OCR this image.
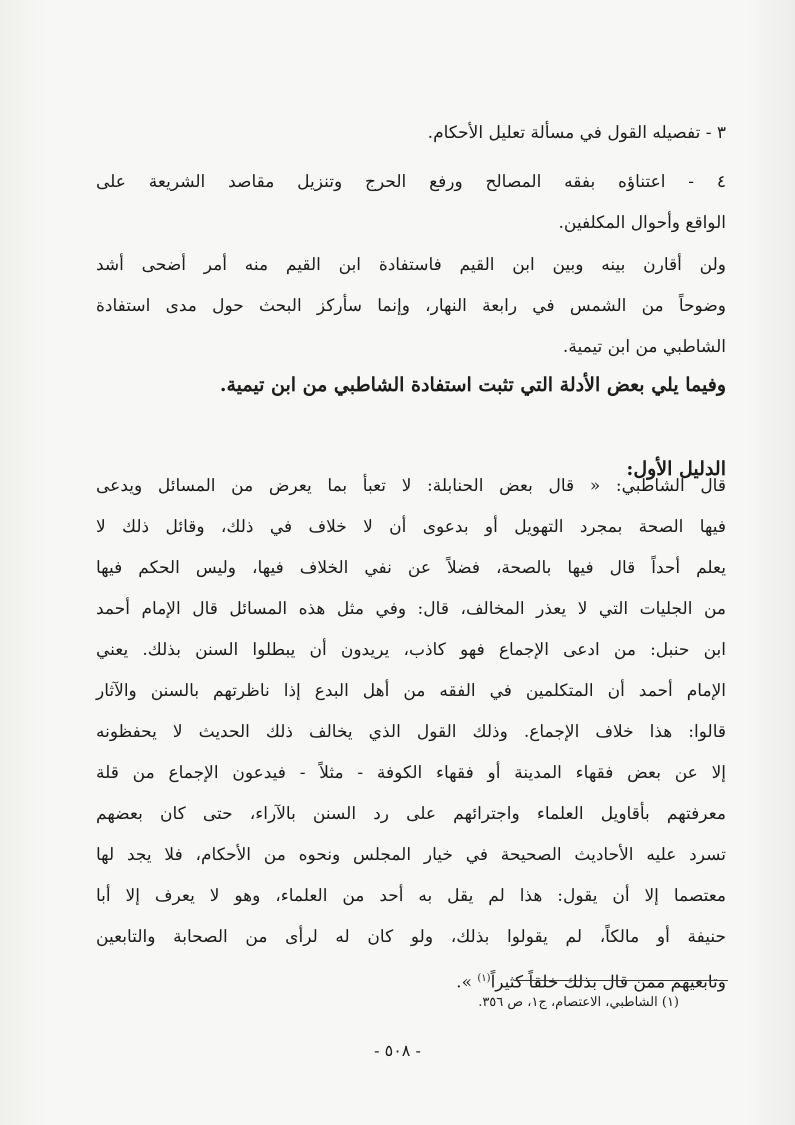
٣ - تفصيله القول في مسألة تعليل الأحكام.

٤ - اعتناؤه بفقه المصالح ورفع الحرج وتنزيل مقاصد الشريعة على
الواقع وأحوال المكلفين.

ولن أقارن بينه وبين ابن القيم فاستفادة ابن القيم منه أمر أضحى أشد
وضوحاً من الشمس في رابعة النهار، وإنما سأركز البحث حول مدى استفادة
الشاطبي من ابن تيمية.

وفيما يلي بعض الأدلة التي تثبت استفادة الشاطبي من ابن تيمية.

الدليل الأول:

قال الشاطبي: « قال بعض الحنابلة: لا تعبأ بما يعرض من المسائل ويدعى
فيها الصحة بمجرد التهويل أو بدعوى أن لا خلاف في ذلك، وقائل ذلك لا
يعلم أحداً قال فيها بالصحة، فضلاً عن نفي الخلاف فيها، وليس الحكم فيها
من الجليات التي لا يعذر المخالف، قال: وفي مثل هذه المسائل قال الإمام أحمد
ابن حنبل: من ادعى الإجماع فهو كاذب، يريدون أن يبطلوا السنن بذلك. يعني
الإمام أحمد أن المتكلمين في الفقه من أهل البدع إذا ناظرتهم بالسنن والآثار
قالوا: هذا خلاف الإجماع. وذلك القول الذي يخالف ذلك الحديث لا يحفظونه
إلا عن بعض فقهاء المدينة أو فقهاء الكوفة - مثلاً - فيدعون الإجماع من قلة
معرفتهم بأقاويل العلماء واجترائهم على رد السنن بالآراء، حتى كان بعضهم
تسرد عليه الأحاديث الصحيحة في خيار المجلس ونحوه من الأحكام، فلا يجد لها
معتصما إلا أن يقول: هذا لم يقل به أحد من العلماء، وهو لا يعرف إلا أبا
حنيفة أو مالكاً، لم يقولوا بذلك، ولو كان له لرأى من الصحابة والتابعين

وتابعيهم ممن قال بذلك خلقاً كثيراً$^{(١)}$ ».

(١) الشاطبي، الاعتصام، ج١، ص ٣٥٦.
- ٥٠٨ -
